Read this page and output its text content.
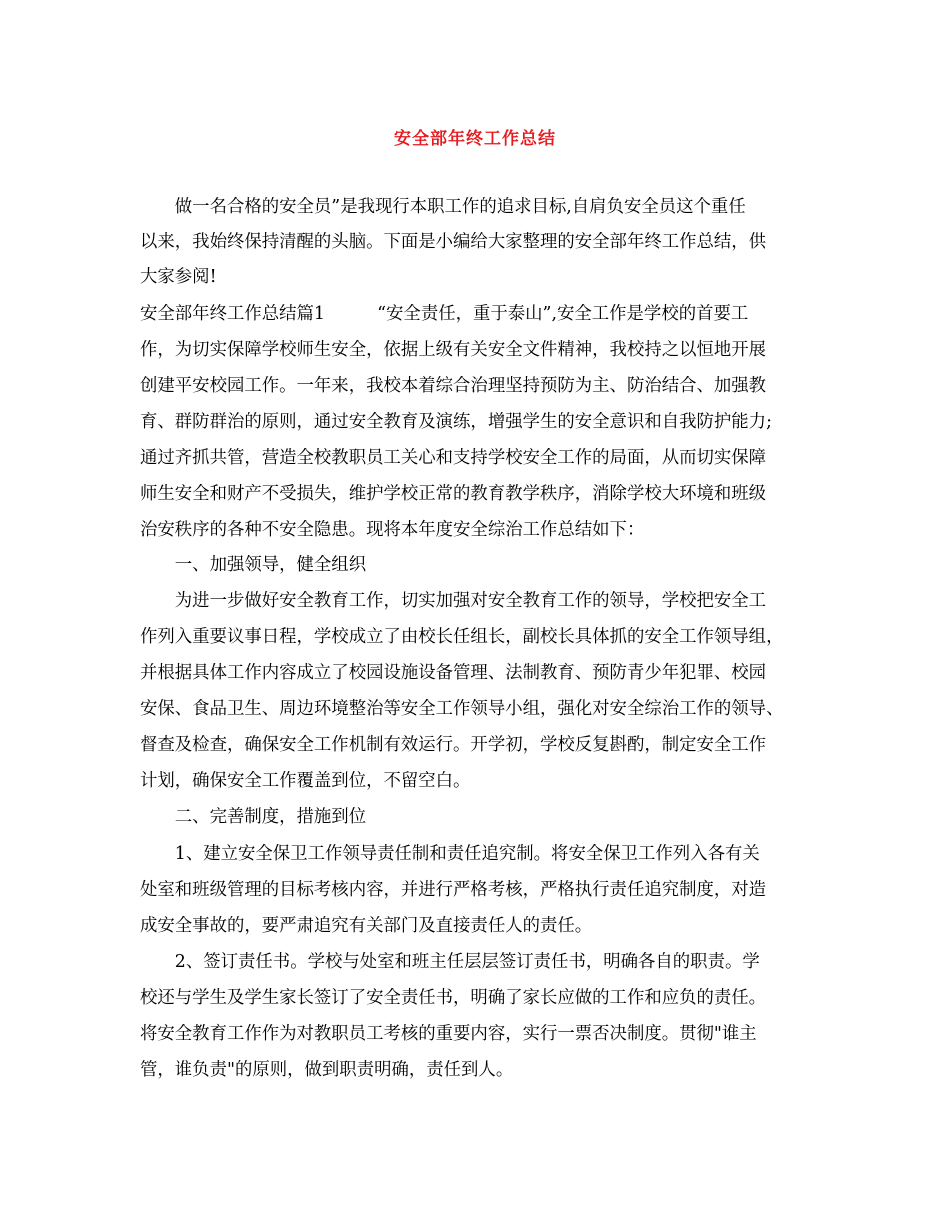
安全部年终工作总结
　　做一名合格的安全员”是我现行本职工作的追求目标,自肩负安全员这个重任
以来，我始终保持清醒的头脑。下面是小编给大家整理的安全部年终工作总结，供
大家参阅!
安全部年终工作总结篇1　　　“安全责任，重于泰山”,安全工作是学校的首要工
作，为切实保障学校师生安全，依据上级有关安全文件精神，我校持之以恒地开展
创建平安校园工作。一年来，我校本着综合治理坚持预防为主、防治结合、加强教
育、群防群治的原则，通过安全教育及演练，增强学生的安全意识和自我防护能力;
通过齐抓共管，营造全校教职员工关心和支持学校安全工作的局面，从而切实保障
师生安全和财产不受损失，维护学校正常的教育教学秩序，消除学校大环境和班级
治安秩序的各种不安全隐患。现将本年度安全综治工作总结如下：
　　一、加强领导，健全组织
　　为进一步做好安全教育工作，切实加强对安全教育工作的领导，学校把安全工
作列入重要议事日程，学校成立了由校长任组长，副校长具体抓的安全工作领导组，
并根据具体工作内容成立了校园设施设备管理、法制教育、预防青少年犯罪、校园
安保、食品卫生、周边环境整治等安全工作领导小组，强化对安全综治工作的领导、
督查及检查，确保安全工作机制有效运行。开学初，学校反复斟酌，制定安全工作
计划，确保安全工作覆盖到位，不留空白。
　　二、完善制度，措施到位
　　1、建立安全保卫工作领导责任制和责任追究制。将安全保卫工作列入各有关
处室和班级管理的目标考核内容，并进行严格考核，严格执行责任追究制度，对造
成安全事故的，要严肃追究有关部门及直接责任人的责任。
　　2、签订责任书。学校与处室和班主任层层签订责任书，明确各自的职责。学
校还与学生及学生家长签订了安全责任书，明确了家长应做的工作和应负的责任。
将安全教育工作作为对教职员工考核的重要内容，实行一票否决制度。贯彻"谁主
管，谁负责"的原则，做到职责明确，责任到人。
